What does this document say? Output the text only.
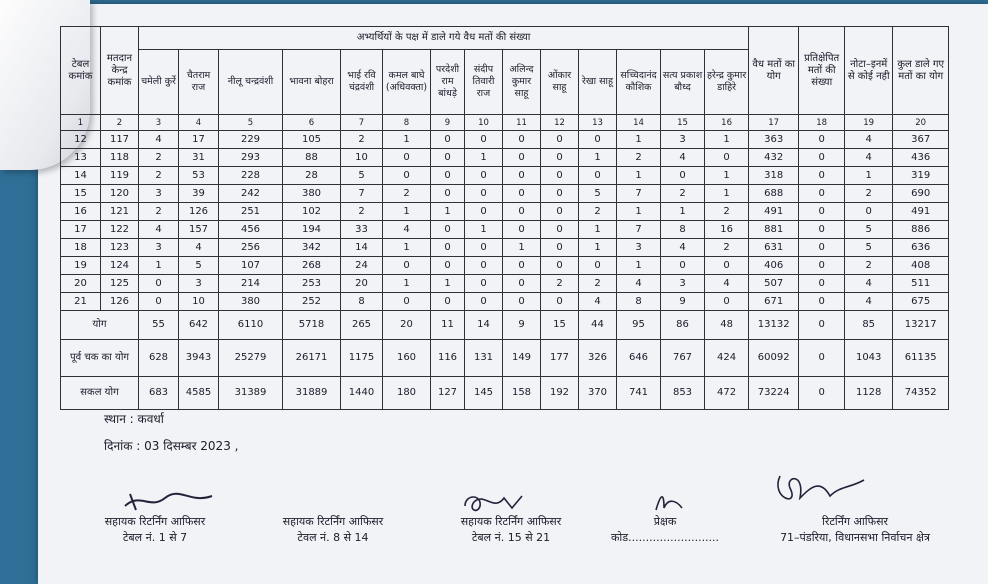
टेबल कमांक	मतदान केन्द्र कमांक	अभ्यर्थियों के पक्ष में डाले गये वैध मतों की संख्या														वैध मतों का योग	प्रतिक्षेपित मतों की संख्या	नोटा–इनमें से कोई नही	कुल डाले गए मतों का योग
		चमेली कुर्रे	चैतराम राज	नीलू चन्द्रवंशी	भावना बोहरा	भाई रवि चंद्रवंशी	कमल बाघे (अधिवक्ता)	परदेशी राम बांधड़े	संदीप तिवारी राज	अलिन्द कुमार साहू	ओंकार साहू	रेखा साहू	सच्चिदानंद कौशिक	सत्य प्रकाश बौध्द	हरेन्द्र कुमार डाहिरे				
1	2	3	4	5	6	7	8	9	10	11	12	13	14	15	16	17	18	19	20
12	117	4	17	229	105	2	1	0	0	0	0	0	1	3	1	363	0	4	367
13	118	2	31	293	88	10	0	0	1	0	0	1	2	4	0	432	0	4	436
14	119	2	53	228	28	5	0	0	0	0	0	0	1	0	1	318	0	1	319
15	120	3	39	242	380	7	2	0	0	0	0	5	7	2	1	688	0	2	690
16	121	2	126	251	102	2	1	1	0	0	0	2	1	1	2	491	0	0	491
17	122	4	157	456	194	33	4	0	1	0	0	1	7	8	16	881	0	5	886
18	123	3	4	256	342	14	1	0	0	1	0	1	3	4	2	631	0	5	636
19	124	1	5	107	268	24	0	0	0	0	0	0	1	0	0	406	0	2	408
20	125	0	3	214	253	20	1	1	0	0	2	2	4	3	4	507	0	4	511
21	126	0	10	380	252	8	0	0	0	0	0	4	8	9	0	671	0	4	675
योग		55	642	6110	5718	265	20	11	14	9	15	44	95	86	48	13132	0	85	13217
पूर्व चक का योग		628	3943	25279	26171	1175	160	116	131	149	177	326	646	767	424	60092	0	1043	61135
सकल योग		683	4585	31389	31889	1440	180	127	145	158	192	370	741	853	472	73224	0	1128	74352
स्थान : कवर्धा
दिनांक : 03 दिसम्बर 2023 ,
सहायक रिटर्निंग आफिसर
टेबल नं. 1 से 7
सहायक रिटर्निंग आफिसर
टेवल नं. 8 से 14
सहायक रिटर्निंग आफिसर
टेबल नं. 15 से 21
प्रेक्षक
कोड..........................
रिटर्निंग आफिसर
71–पंडरिया, विधानसभा निर्वाचन क्षेत्र
